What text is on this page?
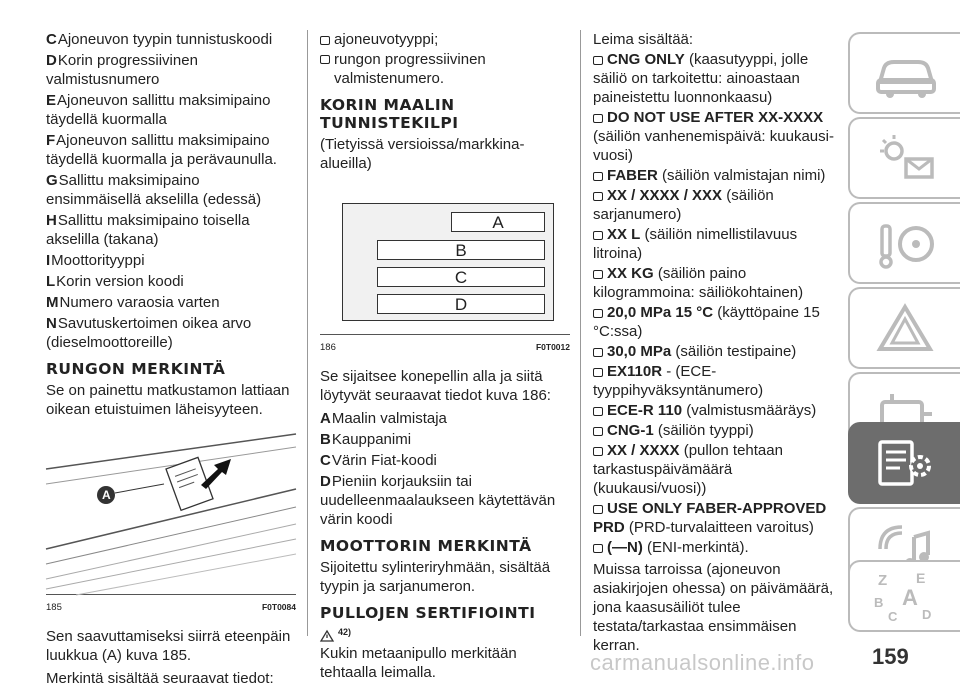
CAjoneuvon tyypin tunnistuskoodi
DKorin progressiivinen valmistusnumero
EAjoneuvon sallittu maksimipaino täydellä kuormalla
FAjoneuvon sallittu maksimipaino täydellä kuormalla ja perävaunulla.
GSallittu maksimipaino ensimmäisellä akselilla (edessä)
HSallittu maksimipaino toisella akselilla (takana)
IMoottorityyppi
LKorin version koodi
MNumero varaosia varten
NSavutuskertoimen oikea arvo (dieselmoottoreille)
RUNGON MERKINTÄ
Se on painettu matkustamon lattiaan oikean etuistuimen läheisyyteen.
A
185	F0T0084
Sen saavuttamiseksi siirrä eteenpäin luukkua (A) kuva 185.
Merkintä sisältää seuraavat tiedot:
ajoneuvotyyppi;
rungon progressiivinen valmistenumero.
KORIN MAALIN TUNNISTEKILPI
(Tietyissä versioissa/markkina-alueilla)
A
B
C
D
186	F0T0012
Se sijaitsee konepellin alla ja siitä löytyvät seuraavat tiedot kuva 186:
AMaalin valmistaja
BKauppanimi
CVärin Fiat-koodi
DPieniin korjauksiin tai uudelleenmaalaukseen käytettävän värin koodi
MOOTTORIN MERKINTÄ
Sijoitettu sylinteriryhmään, sisältää tyypin ja sarjanumeron.
PULLOJEN SERTIFIOINTI
42)
Kukin metaanipullo merkitään tehtaalla leimalla.
Leima sisältää:
CNG ONLY (kaasutyyppi, jolle säiliö on tarkoitettu: ainoastaan paineistettu luonnonkaasu)
DO NOT USE AFTER XX-XXXX (säiliön vanhenemispäivä: kuukausi-vuosi)
FABER (säiliön valmistajan nimi)
XX / XXXX / XXX (säiliön sarjanumero)
XX L (säiliön nimellistilavuus litroina)
XX KG (säiliön paino kilogrammoina: säiliökohtainen)
20,0 MPa 15 °C (käyttöpaine 15 °C:ssa)
30,0 MPa (säiliön testipaine)
EX110R - (ECE-tyyppihyväksyntänumero)
ECE-R 110 (valmistusmääräys)
CNG-1 (säiliön tyyppi)
XX / XXXX (pullon tehtaan tarkastuspäivämäärä (kuukausi/vuosi))
USE ONLY FABER-APPROVED PRD (PRD-turvalaitteen varoitus)
(—N) (ENI-merkintä).
Muissa tarroissa (ajoneuvon asiakirjojen ohessa) on päivämäärä, jona kaasusäiliöt tulee testata/tarkastaa ensimmäisen kerran.
Z E
B A
C D
carmanualsonline.info	159
